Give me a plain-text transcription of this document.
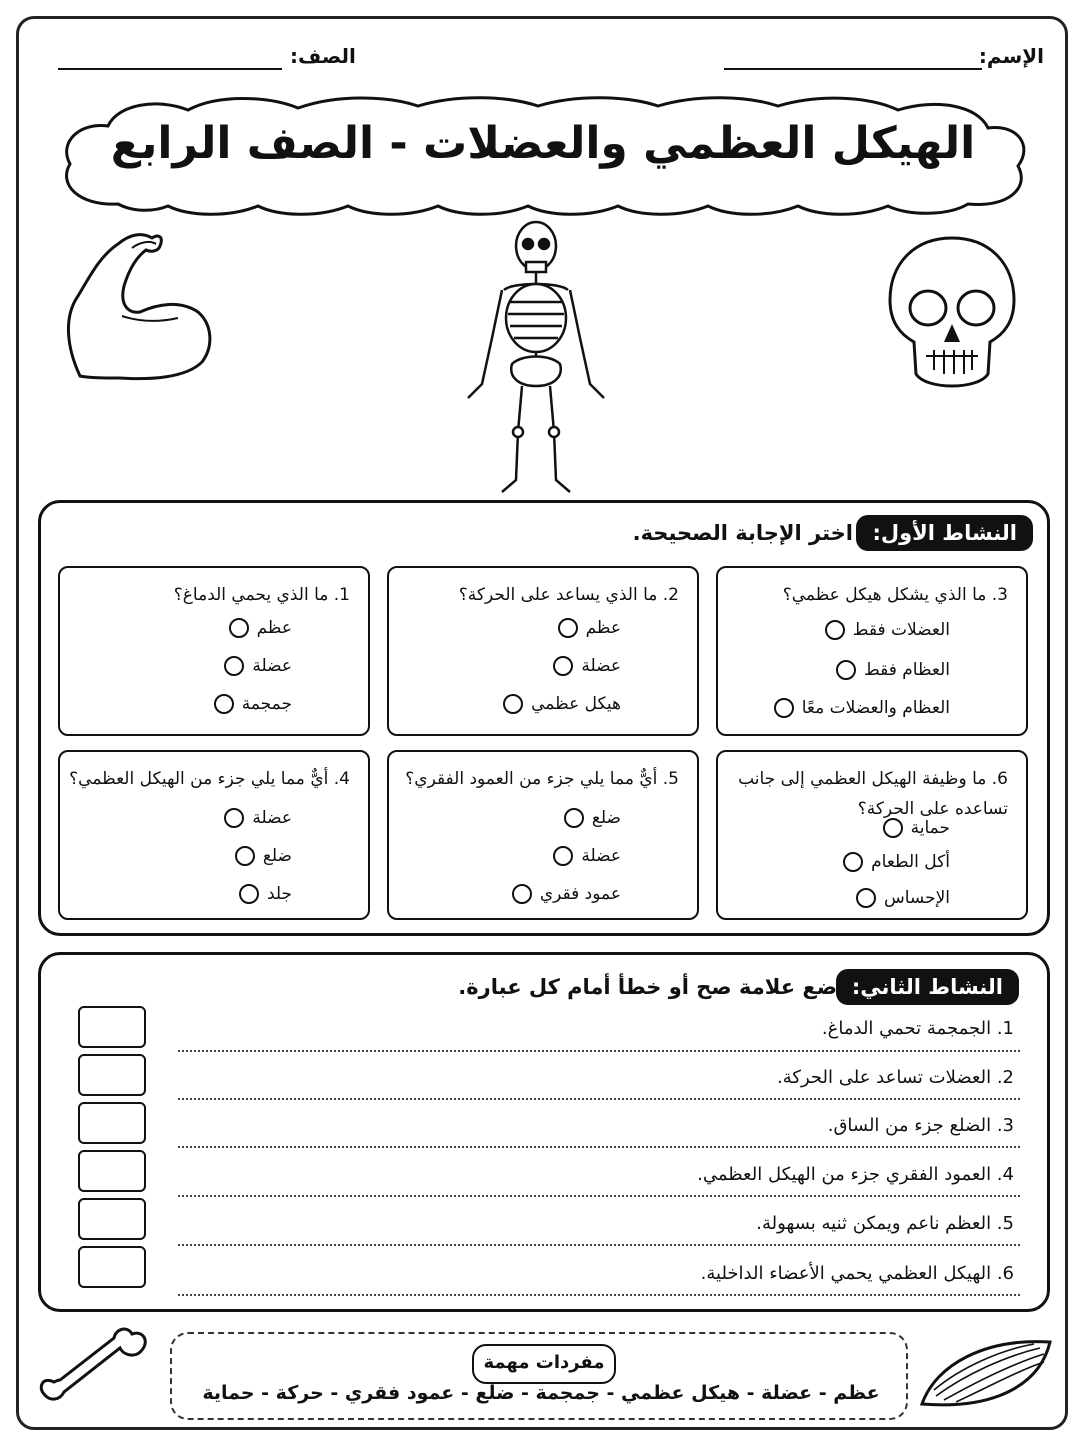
الإسم:
الصف:
الهيكل العظمي والعضلات - الصف الرابع
النشاط الأول:
اختر الإجابة الصحيحة.
3. ما الذي يشكل هيكل عظمي؟
العضلات فقط
العظام فقط
العظام والعضلات معًا
2. ما الذي يساعد على الحركة؟
عظم
عضلة
هيكل عظمي
1. ما الذي يحمي الدماغ؟
عظم
عضلة
جمجمة
6. ما وظيفة الهيكل العظمي إلى جانب تساعده على الحركة؟
حماية
أكل الطعام
الإحساس
5. أيٌّ مما يلي جزء من العمود الفقري؟
ضلع
عضلة
عمود فقري
4. أيٌّ مما يلي جزء من الهيكل العظمي؟
عضلة
ضلع
جلد
النشاط الثاني:
ضع علامة صح أو خطأ أمام كل عبارة.
1. الجمجمة تحمي الدماغ.
2. العضلات تساعد على الحركة.
3. الضلع جزء من الساق.
4. العمود الفقري جزء من الهيكل العظمي.
5. العظم ناعم ويمكن ثنيه بسهولة.
6. الهيكل العظمي يحمي الأعضاء الداخلية.
مفردات مهمة
عظم - عضلة - هيكل عظمي - جمجمة - ضلع - عمود فقري - حركة - حماية
